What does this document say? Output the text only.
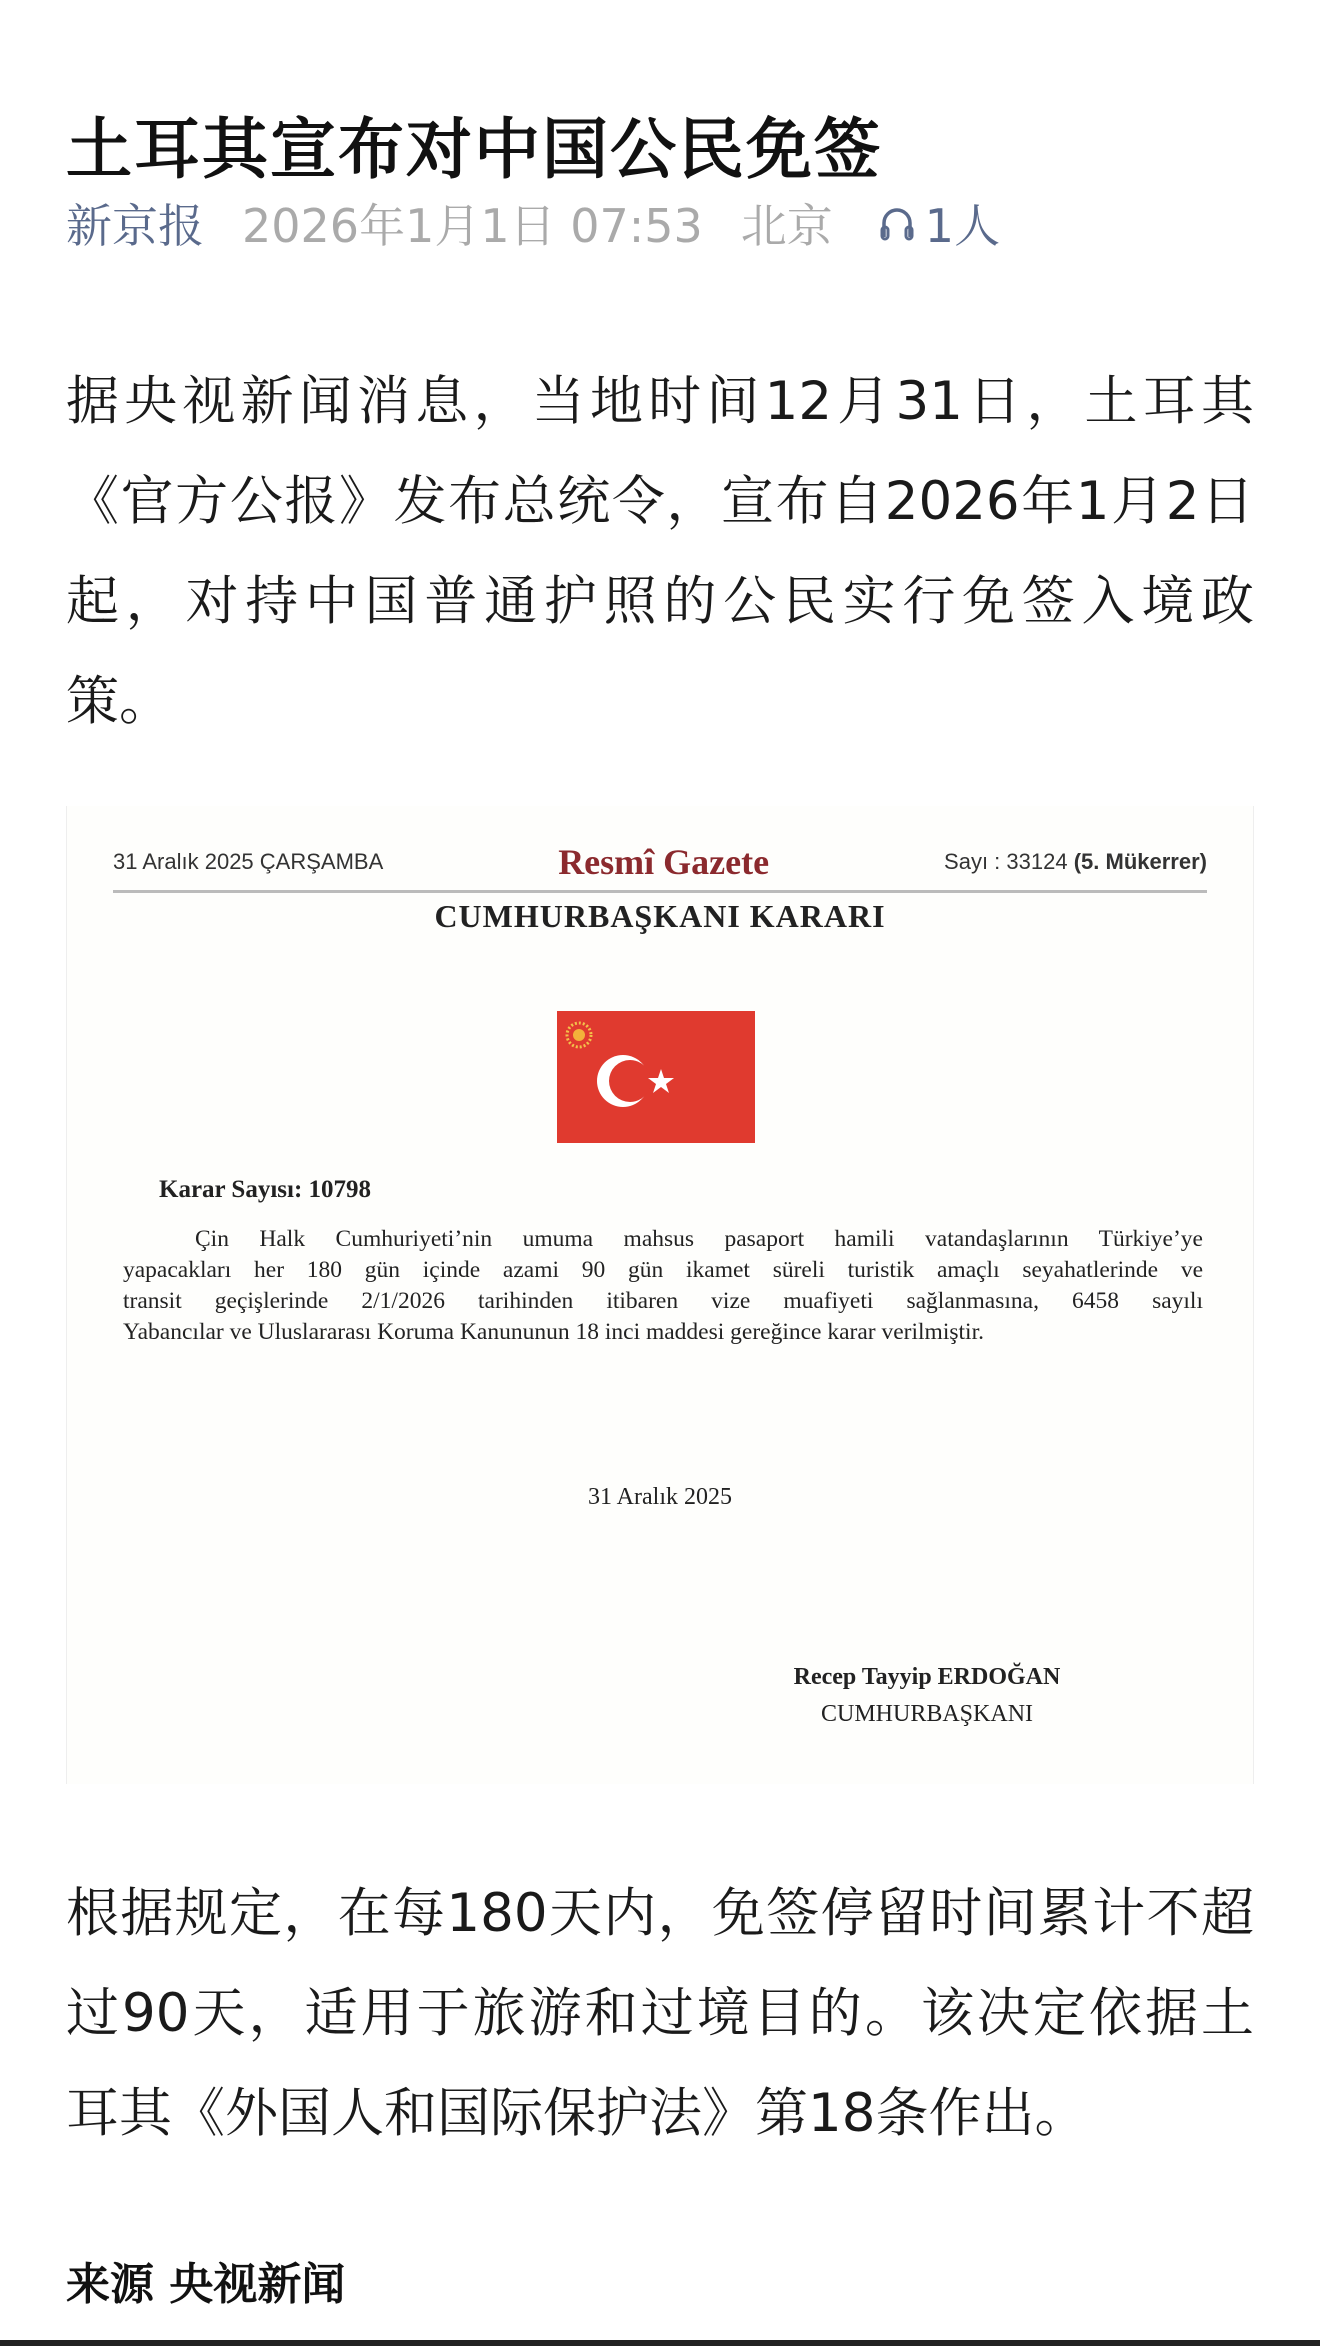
土耳其宣布对中国公民免签
新京报 2026年1月1日 07:53 北京 1人
据央视新闻消息，当地时间12月31日，土耳其
《官方公报》发布总统令，宣布自2026年1月2日
起，对持中国普通护照的公民实行免签入境政
策。
31 Aralık 2025 ÇARŞAMBA	Resmî Gazete	Sayı : 33124 (5. Mükerrer)
CUMHURBAŞKANI KARARI
Karar Sayısı: 10798
Çin Halk Cumhuriyeti’nin umuma mahsus pasaport hamili vatandaşlarının Türkiye’ye
yapacakları her 180 gün içinde azami 90 gün ikamet süreli turistik amaçlı seyahatlerinde ve
transit geçişlerinde 2/1/2026 tarihinden itibaren vize muafiyeti sağlanmasına, 6458 sayılı
Yabancılar ve Uluslararası Koruma Kanununun 18 inci maddesi gereğince karar verilmiştir.
31 Aralık 2025
Recep Tayyip ERDOĞAN
CUMHURBAŞKANI
根据规定，在每180天内，免签停留时间累计不超
过90天，适用于旅游和过境目的。该决定依据土
耳其《外国人和国际保护法》第18条作出。
来源 央视新闻
